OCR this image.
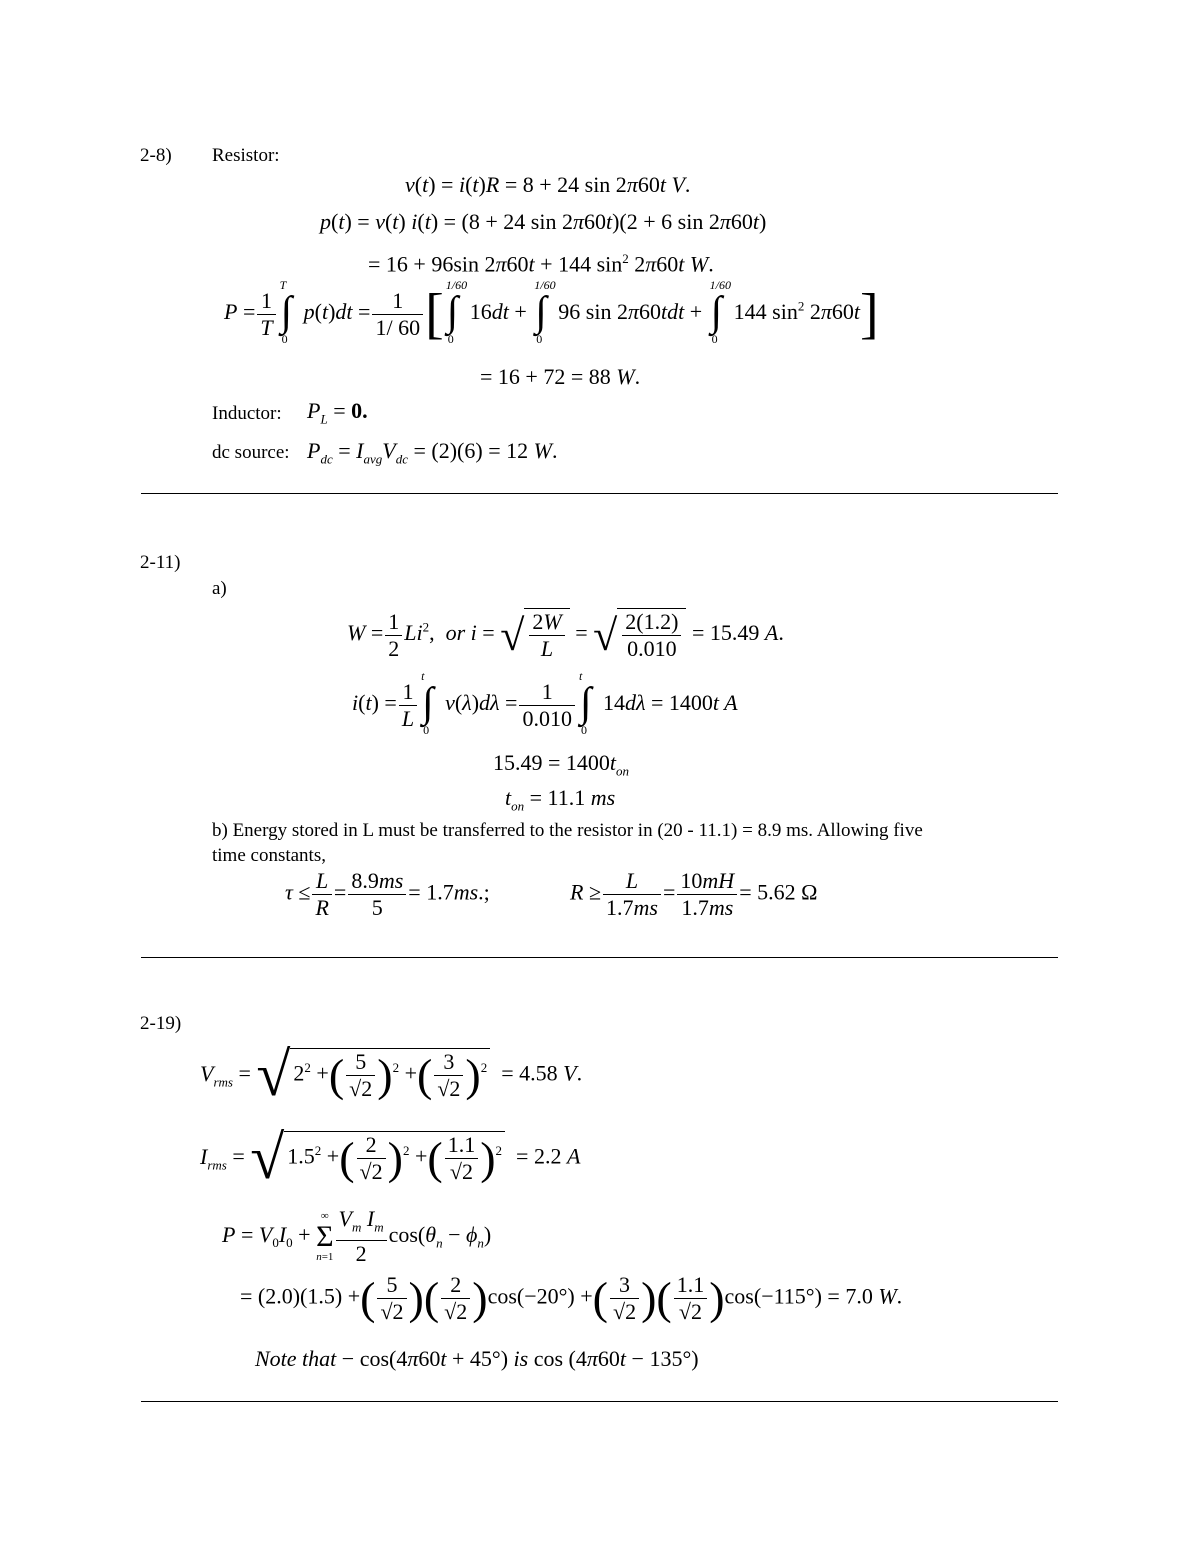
2-8) Resistor:
v(t) = i(t)R = 8 + 24 sin 2π60t V.
p(t) = v(t) i(t) = (8 + 24 sin 2π60t)(2 + 6 sin 2π60t)
= 16 + 96sin 2π60t + 144 $\sin^2 2\pi 60t$ W.
$P = \frac{1}{T}$
T
∫
0
$p(t)dt = \frac{1}{1/ 60}$ [ 1/60
∫
0
16dt +
1/60
∫
0
96 sin 2π60tdt +
1/60
∫
0
144 $\sin^2 2\pi 60t$]
= 16 + 72 = 88 W.
Inductor: $P_L = 0$.
dc source: $P_{dc} = I_{avg}V_{dc} = (2)(6) = 12$ W.
2-11)
a)
$W = \frac{1}{2} Li^2$,  or i = √ $\frac{2W}{L}$ = √ $\frac{2(1.2)}{0.010} = 15.49$ A.
$i(t) = \frac{1}{L}$
t
∫
0
$v(\lambda)d\lambda = \frac{1}{0.010}$
t
∫
0
14dλ = 1400t A
$15.49 = 1400t_{on}$
$t_{on} = 11.1$ ms
b) Energy stored in L must be transferred to the resistor in (20 - 11.1) = 8.9 ms. Allowing five
time constants,
$\tau \le \frac{L}{R} = \frac{8.9ms}{5} = 1.7ms$.;	$R \ge \frac{L}{1.7ms} = \frac{10mH}{1.7ms} = 5.62$ Ω
2-19)
$V_{rms}$ = √ $2^2$ +( $\frac{5}{√2} )^2$ +( $\frac{3}{√2} )^2 = 4.58$ V.
$I_{rms}$ = √ $1.5^2$ +( $\frac{2}{√2} )^2$ +( $\frac{1.1}{√2} )^2 = 2.2$ A
$P = V_0I_0$ +
∞
Σ
$n=1 \frac{V_m I_m}{2} \cos(\theta_n - \phi_n)$
= (2.0)(1.5) +( $\frac{5}{√2}$ )( $\frac{2}{√2} )\cos(-20^\circ)$ +( $\frac{3}{√2}$ )( $\frac{1.1}{√2} )\cos(-115^\circ) = 7.0$ W.
Note that − cos(4π60t + 45°) is cos (4π60t − 135°)
